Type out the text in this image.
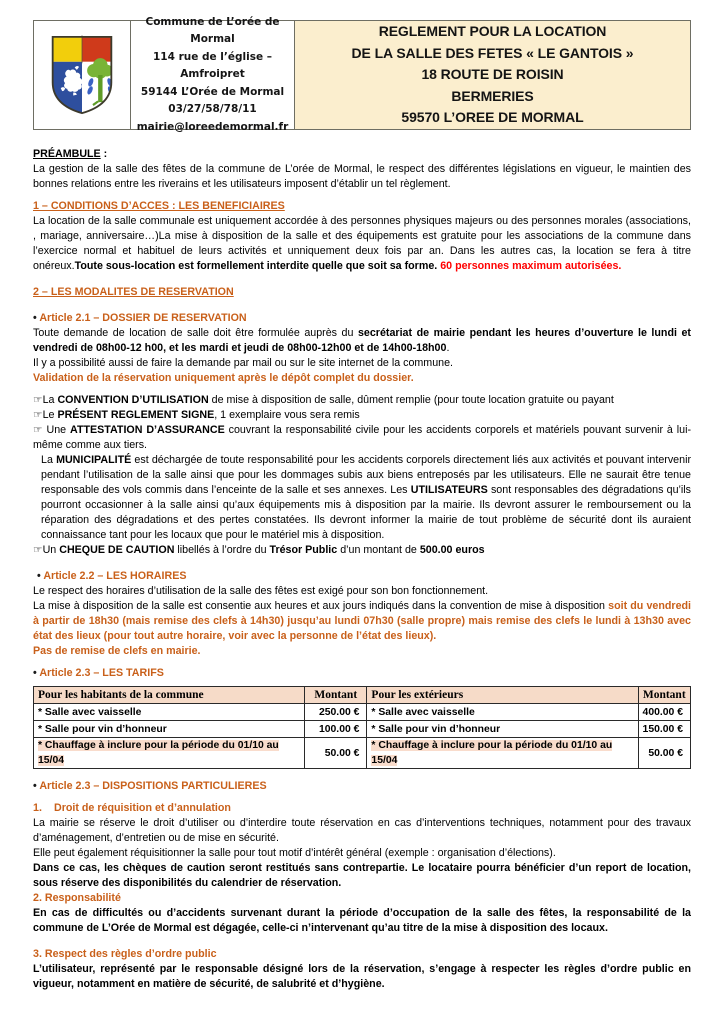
Commune de L’orée de Mormal
114 rue de l’église – Amfroipret
59144 L’Orée de Mormal
03/27/58/78/11
mairie@loreedemormal.fr
REGLEMENT POUR LA LOCATION
DE LA SALLE DES FETES « LE GANTOIS »
18 ROUTE DE ROISIN
BERMERIES
59570 L’OREE DE MORMAL

PRÉAMBULE :

La gestion de la salle des fêtes de la commune de L’orée de Mormal, le respect des différentes législations en vigueur, le maintien des bonnes relations entre les riverains et les utilisateurs imposent d’établir un tel règlement.

1 – CONDITIONS D’ACCES : LES BENEFICIAIRES

La location de la salle communale est uniquement accordée à des personnes physiques majeurs ou des personnes morales (associations, , mariage, anniversaire…)La mise à disposition de la salle et des équipements est gratuite pour les associations de la commune dans l’exercice normal et habituel de leurs activités et unniquement deux fois par an. Dans les autres cas, la location se fera à titre onéreux.Toute sous-location est formellement interdite quelle que soit sa forme. 60 personnes maximum autorisées.

2 – LES MODALITES DE RESERVATION

• Article 2.1 – DOSSIER DE RESERVATION

Toute demande de location de salle doit être formulée auprès du secrétariat de mairie pendant les heures d’ouverture le lundi et vendredi de 08h00-12 h00, et les mardi et jeudi de 08h00-12h00 et de 14h00-18h00.

Il y a possibilité aussi de faire la demande par mail ou sur le site internet de la commune.

Validation de la réservation uniquement après le dépôt complet du dossier.

☞La CONVENTION D’UTILISATION de mise à disposition de salle, dûment remplie (pour toute location gratuite ou payant

☞Le PRÉSENT REGLEMENT SIGNE, 1 exemplaire vous sera remis

☞ Une ATTESTATION D’ASSURANCE couvrant la responsabilité civile pour les accidents corporels et matériels pouvant survenir à lui-même comme aux tiers.

La MUNICIPALITÉ est déchargée de toute responsabilité pour les accidents corporels directement liés aux activités et pouvant intervenir pendant l’utilisation de la salle ainsi que pour les dommages subis aux biens entreposés par les utilisateurs. Elle ne saurait être tenue responsable des vols commis dans l’enceinte de la salle et ses annexes. Les UTILISATEURS sont responsables des dégradations qu’ils pourront occasionner à la salle ainsi qu’aux équipements mis à disposition par la mairie. Ils devront assurer le remboursement ou la réparation des dégradations et des pertes constatées. Ils devront informer la mairie de tout problème de sécurité dont ils auraient connaissance tant pour les locaux que pour le matériel mis à disposition.

☞Un CHEQUE DE CAUTION libellés à l’ordre du Trésor Public d’un montant de 500.00 euros

• Article 2.2 – LES HORAIRES

Le respect des horaires d’utilisation de la salle des fêtes est exigé pour son bon fonctionnement.

La mise à disposition de la salle est consentie aux heures et aux jours indiqués dans la convention de mise à disposition soit du vendredi à partir de 18h30 (mais remise des clefs à 14h30) jusqu’au lundi 07h30 (salle propre) mais remise des clefs le lundi à 13h30 avec état des lieux (pour tout autre horaire, voir avec la personne de l’état des lieux).

Pas de remise de clefs en mairie.

• Article 2.3 – LES TARIFS

Pour les habitants de la commune	Montant	Pour les extérieurs	Montant
* Salle avec vaisselle	250.00 €	* Salle avec vaisselle	400.00 €
* Salle pour vin d’honneur	100.00 €	* Salle pour vin d’honneur	150.00 €
* Chauffage à inclure pour la période du 01/10 au 15/04	50.00 €	* Chauffage à inclure pour la période du 01/10 au 15/04	50.00 €

• Article 2.3 – DISPOSITIONS PARTICULIERES

1. Droit de réquisition et d’annulation

La mairie se réserve le droit d’utiliser ou d’interdire toute réservation en cas d’interventions techniques, notamment pour des travaux d’aménagement, d’entretien ou de mise en sécurité.

Elle peut également réquisitionner la salle pour tout motif d’intérêt général (exemple : organisation d’élections).

Dans ce cas, les chèques de caution seront restitués sans contrepartie. Le locataire pourra bénéficier d’un report de location, sous réserve des disponibilités du calendrier de réservation.

2. Responsabilité

En cas de difficultés ou d’accidents survenant durant la période d’occupation de la salle des fêtes, la responsabilité de la commune de L’Orée de Mormal est dégagée, celle-ci n’intervenant qu’au titre de la mise à disposition des locaux.

3. Respect des règles d’ordre public

L’utilisateur, représenté par le responsable désigné lors de la réservation, s’engage à respecter les règles d’ordre public en vigueur, notamment en matière de sécurité, de salubrité et d’hygiène.
